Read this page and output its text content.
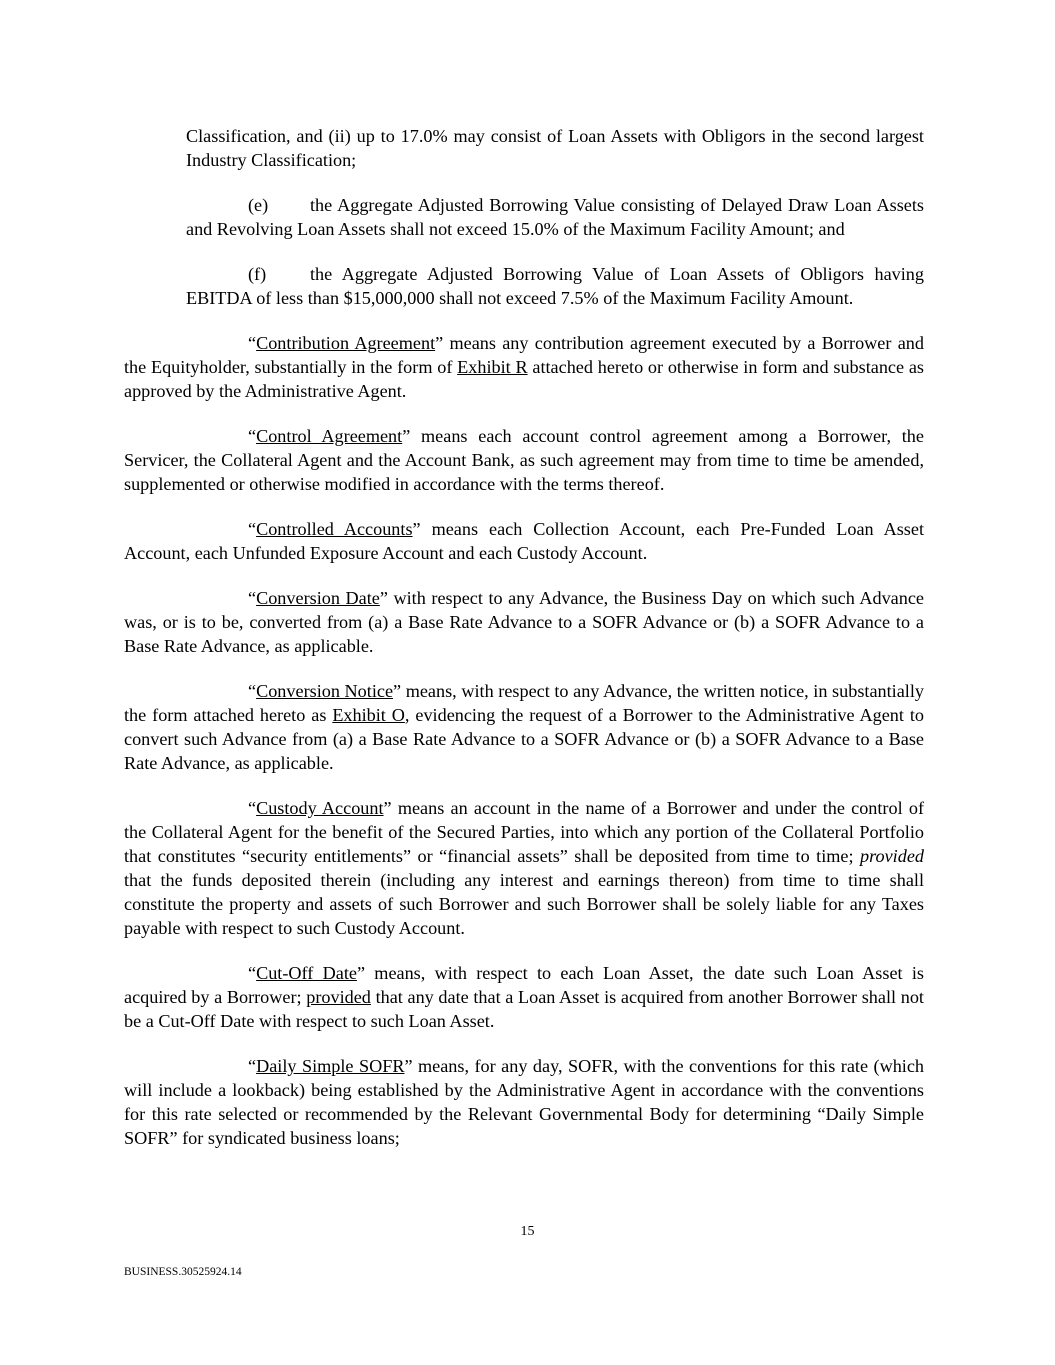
Classification, and (ii) up to 17.0% may consist of Loan Assets with Obligors in the second largest Industry Classification;

(e) the Aggregate Adjusted Borrowing Value consisting of Delayed Draw Loan Assets and Revolving Loan Assets shall not exceed 15.0% of the Maximum Facility Amount; and

(f) the Aggregate Adjusted Borrowing Value of Loan Assets of Obligors having EBITDA of less than $15,000,000 shall not exceed 7.5% of the Maximum Facility Amount.

“Contribution Agreement” means any contribution agreement executed by a Borrower and the Equityholder, substantially in the form of Exhibit R attached hereto or otherwise in form and substance as approved by the Administrative Agent.

“Control Agreement” means each account control agreement among a Borrower, the Servicer, the Collateral Agent and the Account Bank, as such agreement may from time to time be amended, supplemented or otherwise modified in accordance with the terms thereof.

“Controlled Accounts” means each Collection Account, each Pre-Funded Loan Asset Account, each Unfunded Exposure Account and each Custody Account.

“Conversion Date” with respect to any Advance, the Business Day on which such Advance was, or is to be, converted from (a) a Base Rate Advance to a SOFR Advance or (b) a SOFR Advance to a Base Rate Advance, as applicable.

“Conversion Notice” means, with respect to any Advance, the written notice, in substantially the form attached hereto as Exhibit O, evidencing the request of a Borrower to the Administrative Agent to convert such Advance from (a) a Base Rate Advance to a SOFR Advance or (b) a SOFR Advance to a Base Rate Advance, as applicable.

“Custody Account” means an account in the name of a Borrower and under the control of the Collateral Agent for the benefit of the Secured Parties, into which any portion of the Collateral Portfolio that constitutes “security entitlements” or “financial assets” shall be deposited from time to time; provided that the funds deposited therein (including any interest and earnings thereon) from time to time shall constitute the property and assets of such Borrower and such Borrower shall be solely liable for any Taxes payable with respect to such Custody Account.

“Cut-Off Date” means, with respect to each Loan Asset, the date such Loan Asset is acquired by a Borrower; provided that any date that a Loan Asset is acquired from another Borrower shall not be a Cut-Off Date with respect to such Loan Asset.

“Daily Simple SOFR” means, for any day, SOFR, with the conventions for this rate (which will include a lookback) being established by the Administrative Agent in accordance with the conventions for this rate selected or recommended by the Relevant Governmental Body for determining “Daily Simple SOFR” for syndicated business loans;

15
BUSINESS.30525924.14
